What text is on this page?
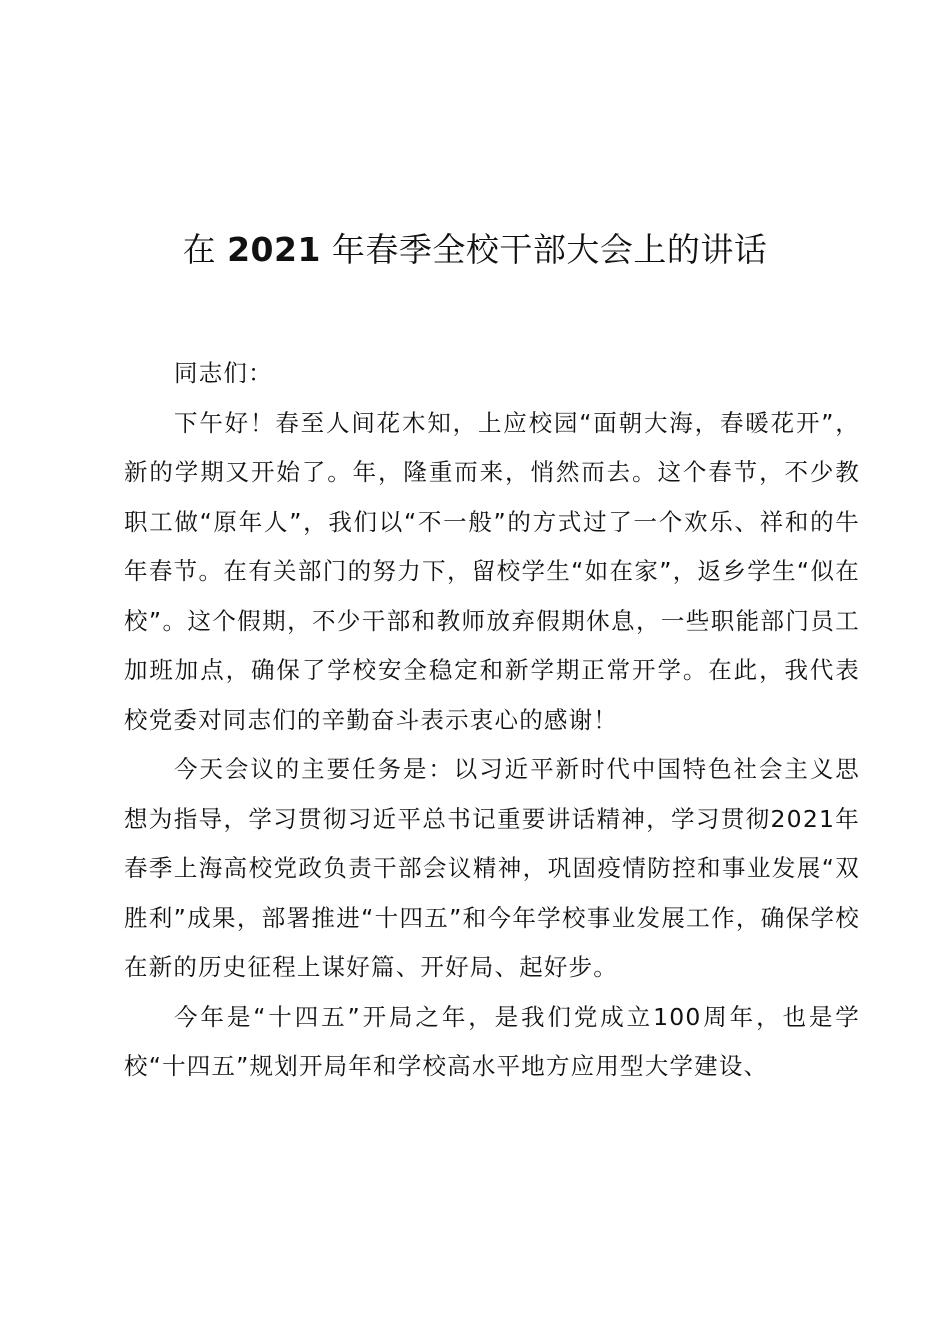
在 2021 年春季全校干部大会上的讲话

同志们：

下午好！春至人间花木知，上应校园“面朝大海，春暖花开”，新的学期又开始了。年，隆重而来，悄然而去。这个春节，不少教职工做“原年人”，我们以“不一般”的方式过了一个欢乐、祥和的牛年春节。在有关部门的努力下，留校学生“如在家”，返乡学生“似在校”。这个假期，不少干部和教师放弃假期休息，一些职能部门员工加班加点，确保了学校安全稳定和新学期正常开学。在此，我代表校党委对同志们的辛勤奋斗表示衷心的感谢！

今天会议的主要任务是：以习近平新时代中国特色社会主义思想为指导，学习贯彻习近平总书记重要讲话精神，学习贯彻2021年春季上海高校党政负责干部会议精神，巩固疫情防控和事业发展“双胜利”成果，部署推进“十四五”和今年学校事业发展工作，确保学校在新的历史征程上谋好篇、开好局、起好步。

今年是“十四五”开局之年，是我们党成立100周年，也是学校“十四五”规划开局年和学校高水平地方应用型大学建设、
